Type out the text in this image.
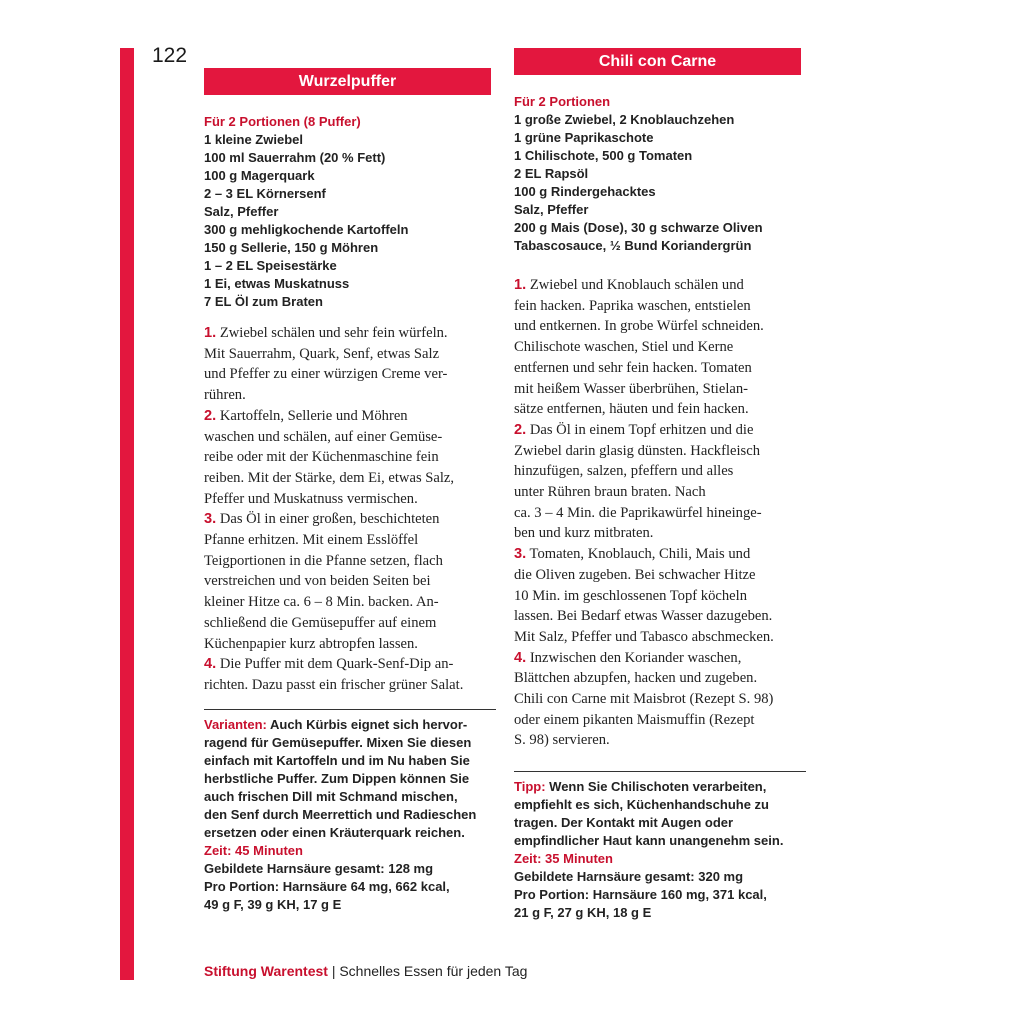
122
Wurzelpuffer

Für 2 Portionen (8 Puffer)

1 kleine Zwiebel
100 ml Sauerrahm (20 % Fett)
100 g Magerquark
2 – 3 EL Körnersenf
Salz, Pfeffer
300 g mehligkochende Kartoffeln
150 g Sellerie, 150 g Möhren
1 – 2 EL Speisestärke
1 Ei, etwas Muskatnuss
7 EL Öl zum Braten

1. Zwiebel schälen und sehr fein würfeln.
Mit Sauerrahm, Quark, Senf, etwas Salz
und Pfeffer zu einer würzigen Creme ver-
rühren.
2. Kartoffeln, Sellerie und Möhren
waschen und schälen, auf einer Gemüse-
reibe oder mit der Küchenmaschine fein
reiben. Mit der Stärke, dem Ei, etwas Salz,
Pfeffer und Muskatnuss vermischen.
3. Das Öl in einer großen, beschichteten
Pfanne erhitzen. Mit einem Esslöffel
Teigportionen in die Pfanne setzen, flach
verstreichen und von beiden Seiten bei
kleiner Hitze ca. 6 – 8 Min. backen. An-
schließend die Gemüsepuffer auf einem
Küchenpapier kurz abtropfen lassen.
4. Die Puffer mit dem Quark-Senf-Dip an-
richten. Dazu passt ein frischer grüner Salat.

Varianten: Auch Kürbis eignet sich hervor-
ragend für Gemüsepuffer. Mixen Sie diesen
einfach mit Kartoffeln und im Nu haben Sie
herbstliche Puffer. Zum Dippen können Sie
auch frischen Dill mit Schmand mischen,
den Senf durch Meerrettich und Radieschen
ersetzen oder einen Kräuterquark reichen.

Zeit: 45 Minuten

Gebildete Harnsäure gesamt: 128 mg
Pro Portion: Harnsäure 64 mg, 662 kcal,
49 g F, 39 g KH, 17 g E

Chili con Carne

Für 2 Portionen

1 große Zwiebel, 2 Knoblauchzehen
1 grüne Paprikaschote
1 Chilischote, 500 g Tomaten
2 EL Rapsöl
100 g Rindergehacktes
Salz, Pfeffer
200 g Mais (Dose), 30 g schwarze Oliven
Tabascosauce, ½ Bund Koriandergrün

1. Zwiebel und Knoblauch schälen und
fein hacken. Paprika waschen, entstielen
und entkernen. In grobe Würfel schneiden.
Chilischote waschen, Stiel und Kerne
entfernen und sehr fein hacken. Tomaten
mit heißem Wasser überbrühen, Stielan-
sätze entfernen, häuten und fein hacken.
2. Das Öl in einem Topf erhitzen und die
Zwiebel darin glasig dünsten. Hackfleisch
hinzufügen, salzen, pfeffern und alles
unter Rühren braun braten. Nach
ca. 3 – 4 Min. die Paprikawürfel hineinge-
ben und kurz mitbraten.
3. Tomaten, Knoblauch, Chili, Mais und
die Oliven zugeben. Bei schwacher Hitze
10 Min. im geschlossenen Topf köcheln
lassen. Bei Bedarf etwas Wasser dazugeben.
Mit Salz, Pfeffer und Tabasco abschmecken.
4. Inzwischen den Koriander waschen,
Blättchen abzupfen, hacken und zugeben.
Chili con Carne mit Maisbrot (Rezept S. 98)
oder einem pikanten Maismuffin (Rezept
S. 98) servieren.

Tipp: Wenn Sie Chilischoten verarbeiten,
empfiehlt es sich, Küchenhandschuhe zu
tragen. Der Kontakt mit Augen oder
empfindlicher Haut kann unangenehm sein.

Zeit: 35 Minuten

Gebildete Harnsäure gesamt: 320 mg
Pro Portion: Harnsäure 160 mg, 371 kcal,
21 g F, 27 g KH, 18 g E

Stiftung Warentest | Schnelles Essen für jeden Tag
